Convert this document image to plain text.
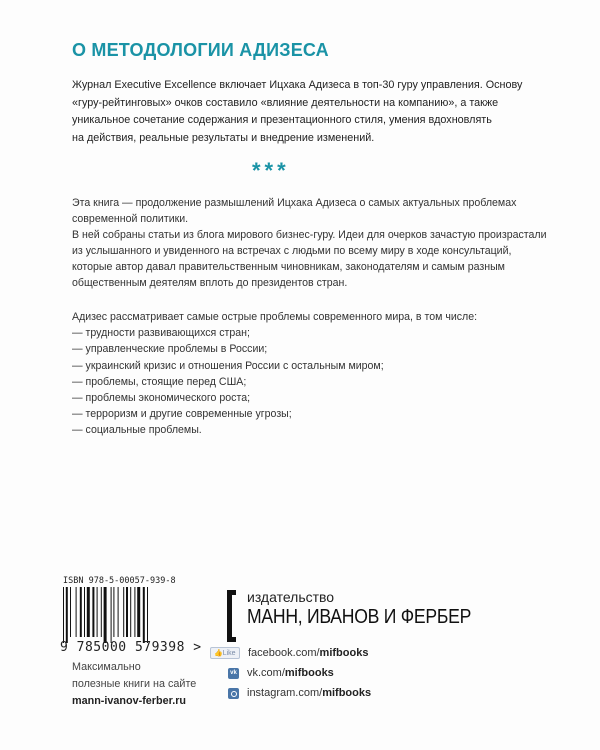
О МЕТОДОЛОГИИ АДИЗЕСА
Журнал Executive Excellence включает Ицхака Адизеса в топ-30 гуру управления. Основу
«гуру-рейтинговых» очков составило «влияние деятельности на компанию», а также
уникальное сочетание содержания и презентационного стиля, умения вдохновлять
на действия, реальные результаты и внедрение изменений.
***
Эта книга — продолжение размышлений Ицхака Адизеса о самых актуальных проблемах
современной политики.
В ней собраны статьи из блога мирового бизнес-гуру. Идеи для очерков зачастую произрастали
из услышанного и увиденного на встречах с людьми по всему миру в ходе консультаций,
которые автор давал правительственным чиновникам, законодателям и самым разным
общественным деятелям вплоть до президентов стран.
Адизес рассматривает самые острые проблемы современного мира, в том числе:
— трудности развивающихся стран;
— управленческие проблемы в России;
— украинский кризис и отношения России с остальным миром;
— проблемы, стоящие перед США;
— проблемы экономического роста;
— терроризм и другие современные угрозы;
— социальные проблемы.
ISBN 978-5-00057-939-8
9 785000 579398 >
Максимально
полезные книги на сайте
mann-ivanov-ferber.ru
издательство
МАНН, ИВАНОВ И ФЕРБЕР
👍Like	facebook.com/ mifbooks
vk vk.com/ mifbooks
instagram.com/ mifbooks
